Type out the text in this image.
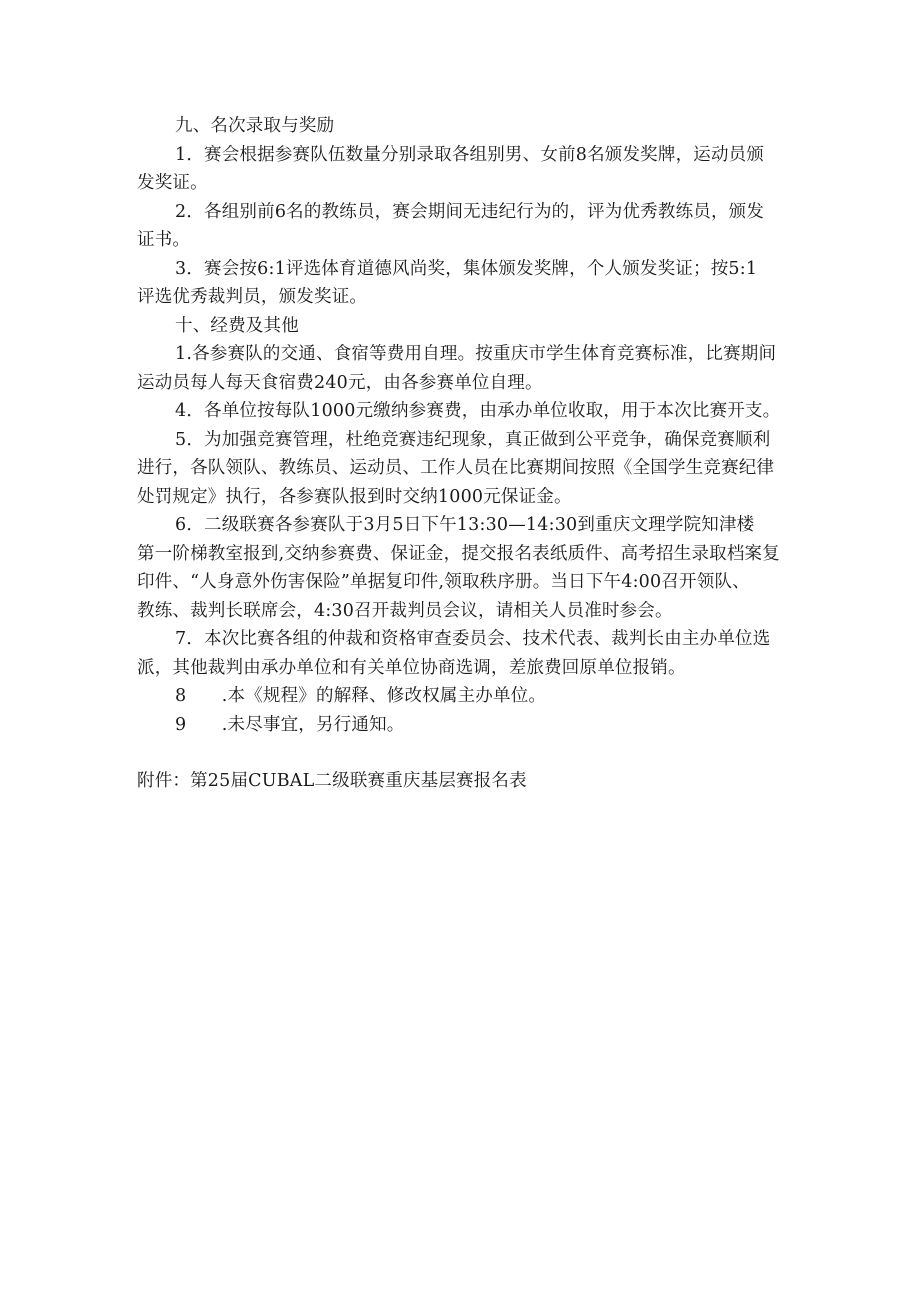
九、名次录取与奖励
1．赛会根据参赛队伍数量分别录取各组别男、女前8名颁发奖牌，运动员颁
发奖证。
2．各组别前6名的教练员，赛会期间无违纪行为的，评为优秀教练员，颁发
证书。
3．赛会按6:1评选体育道德风尚奖，集体颁发奖牌，个人颁发奖证；按5:1
评选优秀裁判员，颁发奖证。
十、经费及其他
1.各参赛队的交通、食宿等费用自理。按重庆市学生体育竞赛标准，比赛期间
运动员每人每天食宿费240元，由各参赛单位自理。
4．各单位按每队1000元缴纳参赛费，由承办单位收取，用于本次比赛开支。
5．为加强竞赛管理，杜绝竞赛违纪现象，真正做到公平竞争，确保竞赛顺利
进行，各队领队、教练员、运动员、工作人员在比赛期间按照《全国学生竞赛纪律
处罚规定》执行，各参赛队报到时交纳1000元保证金。
6．二级联赛各参赛队于3月5日下午13:30—14:30到重庆文理学院知津楼
第一阶梯教室报到,交纳参赛费、保证金，提交报名表纸质件、高考招生录取档案复
印件、“人身意外伤害保险”单据复印件,领取秩序册。当日下午4:00召开领队、
教练、裁判长联席会，4:30召开裁判员会议，请相关人员准时参会。
7．本次比赛各组的仲裁和资格审查委员会、技术代表、裁判长由主办单位选
派，其他裁判由承办单位和有关单位协商选调，差旅费回原单位报销。
8　　.本《规程》的解释、修改权属主办单位。
9　　.未尽事宜，另行通知。
附件：第25届CUBAL二级联赛重庆基层赛报名表
